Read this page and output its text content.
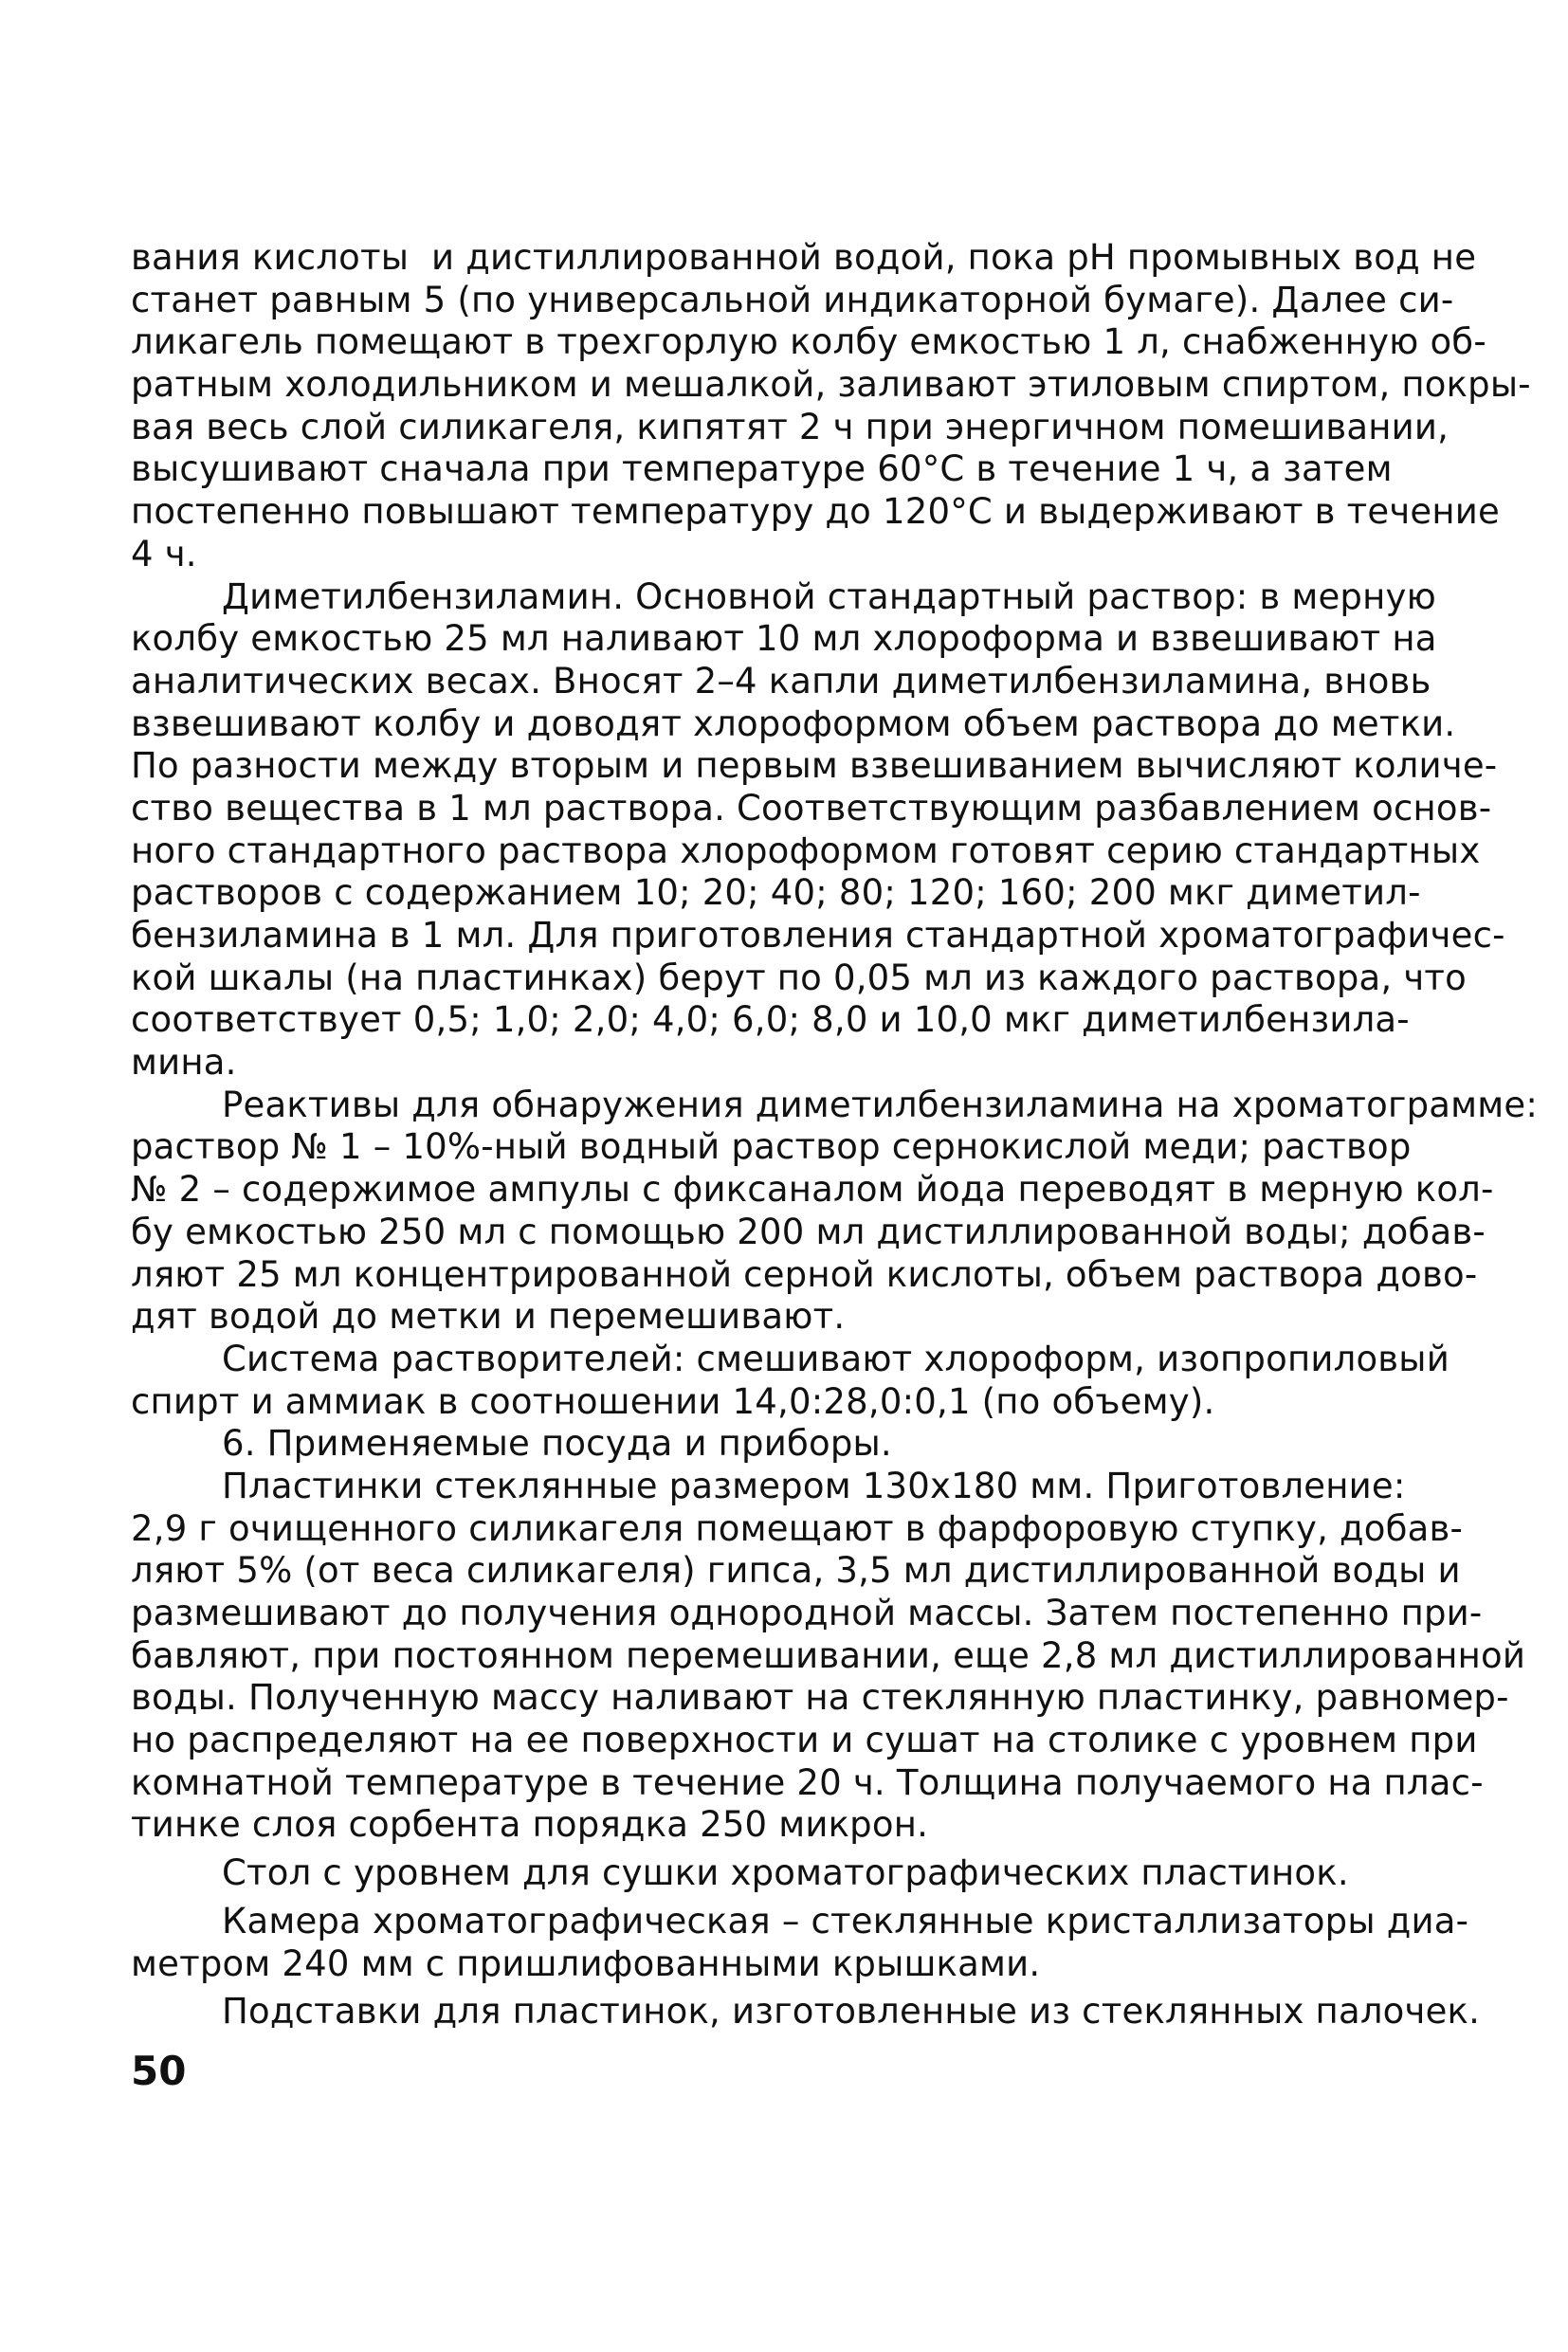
вания кислоты  и дистиллированной водой, пока pH промывных вод не
станет равным 5 (по универсальной индикаторной бумаге). Далее си-
ликагель помещают в трехгорлую колбу емкостью 1 л, снабженную об-
ратным холодильником и мешалкой, заливают этиловым спиртом, покры-
вая весь слой силикагеля, кипятят 2 ч при энергичном помешивании,
высушивают сначала при температуре 60°С в течение 1 ч, а затем
постепенно повышают температуру до 120°С и выдерживают в течение
4 ч.
Диметилбензиламин. Основной стандартный раствор: в мерную
колбу емкостью 25 мл наливают 10 мл хлороформа и взвешивают на
аналитических весах. Вносят 2–4 капли диметилбензиламина, вновь
взвешивают колбу и доводят хлороформом объем раствора до метки.
По разности между вторым и первым взвешиванием вычисляют количе-
ство вещества в 1 мл раствора. Соответствующим разбавлением основ-
ного стандартного раствора хлороформом готовят серию стандартных
растворов с содержанием 10; 20; 40; 80; 120; 160; 200 мкг диметил-
бензиламина в 1 мл. Для приготовления стандартной хроматографичес-
кой шкалы (на пластинках) берут по 0,05 мл из каждого раствора, что
соответствует 0,5; 1,0; 2,0; 4,0; 6,0; 8,0 и 10,0 мкг диметилбензила-
мина.
Реактивы для обнаружения диметилбензиламина на хроматограмме:
раствор № 1 – 10%-ный водный раствор сернокислой меди; раствор
№ 2 – содержимое ампулы с фиксаналом йода переводят в мерную кол-
бу емкостью 250 мл с помощью 200 мл дистиллированной воды; добав-
ляют 25 мл концентрированной серной кислоты, объем раствора дово-
дят водой до метки и перемешивают.
Система растворителей: смешивают хлороформ, изопропиловый
спирт и аммиак в соотношении 14,0:28,0:0,1 (по объему).
6. Применяемые посуда и приборы.
Пластинки стеклянные размером 130х180 мм. Приготовление:
2,9 г очищенного силикагеля помещают в фарфоровую ступку, добав-
ляют 5% (от веса силикагеля) гипса, 3,5 мл дистиллированной воды и
размешивают до получения однородной массы. Затем постепенно при-
бавляют, при постоянном перемешивании, еще 2,8 мл дистиллированной
воды. Полученную массу наливают на стеклянную пластинку, равномер-
но распределяют на ее поверхности и сушат на столике с уровнем при
комнатной температуре в течение 20 ч. Толщина получаемого на плас-
тинке слоя сорбента порядка 250 микрон.
Стол с уровнем для сушки хроматографических пластинок.
Камера хроматографическая – стеклянные кристаллизаторы диа-
метром 240 мм с пришлифованными крышками.
Подставки для пластинок, изготовленные из стеклянных палочек.
50
